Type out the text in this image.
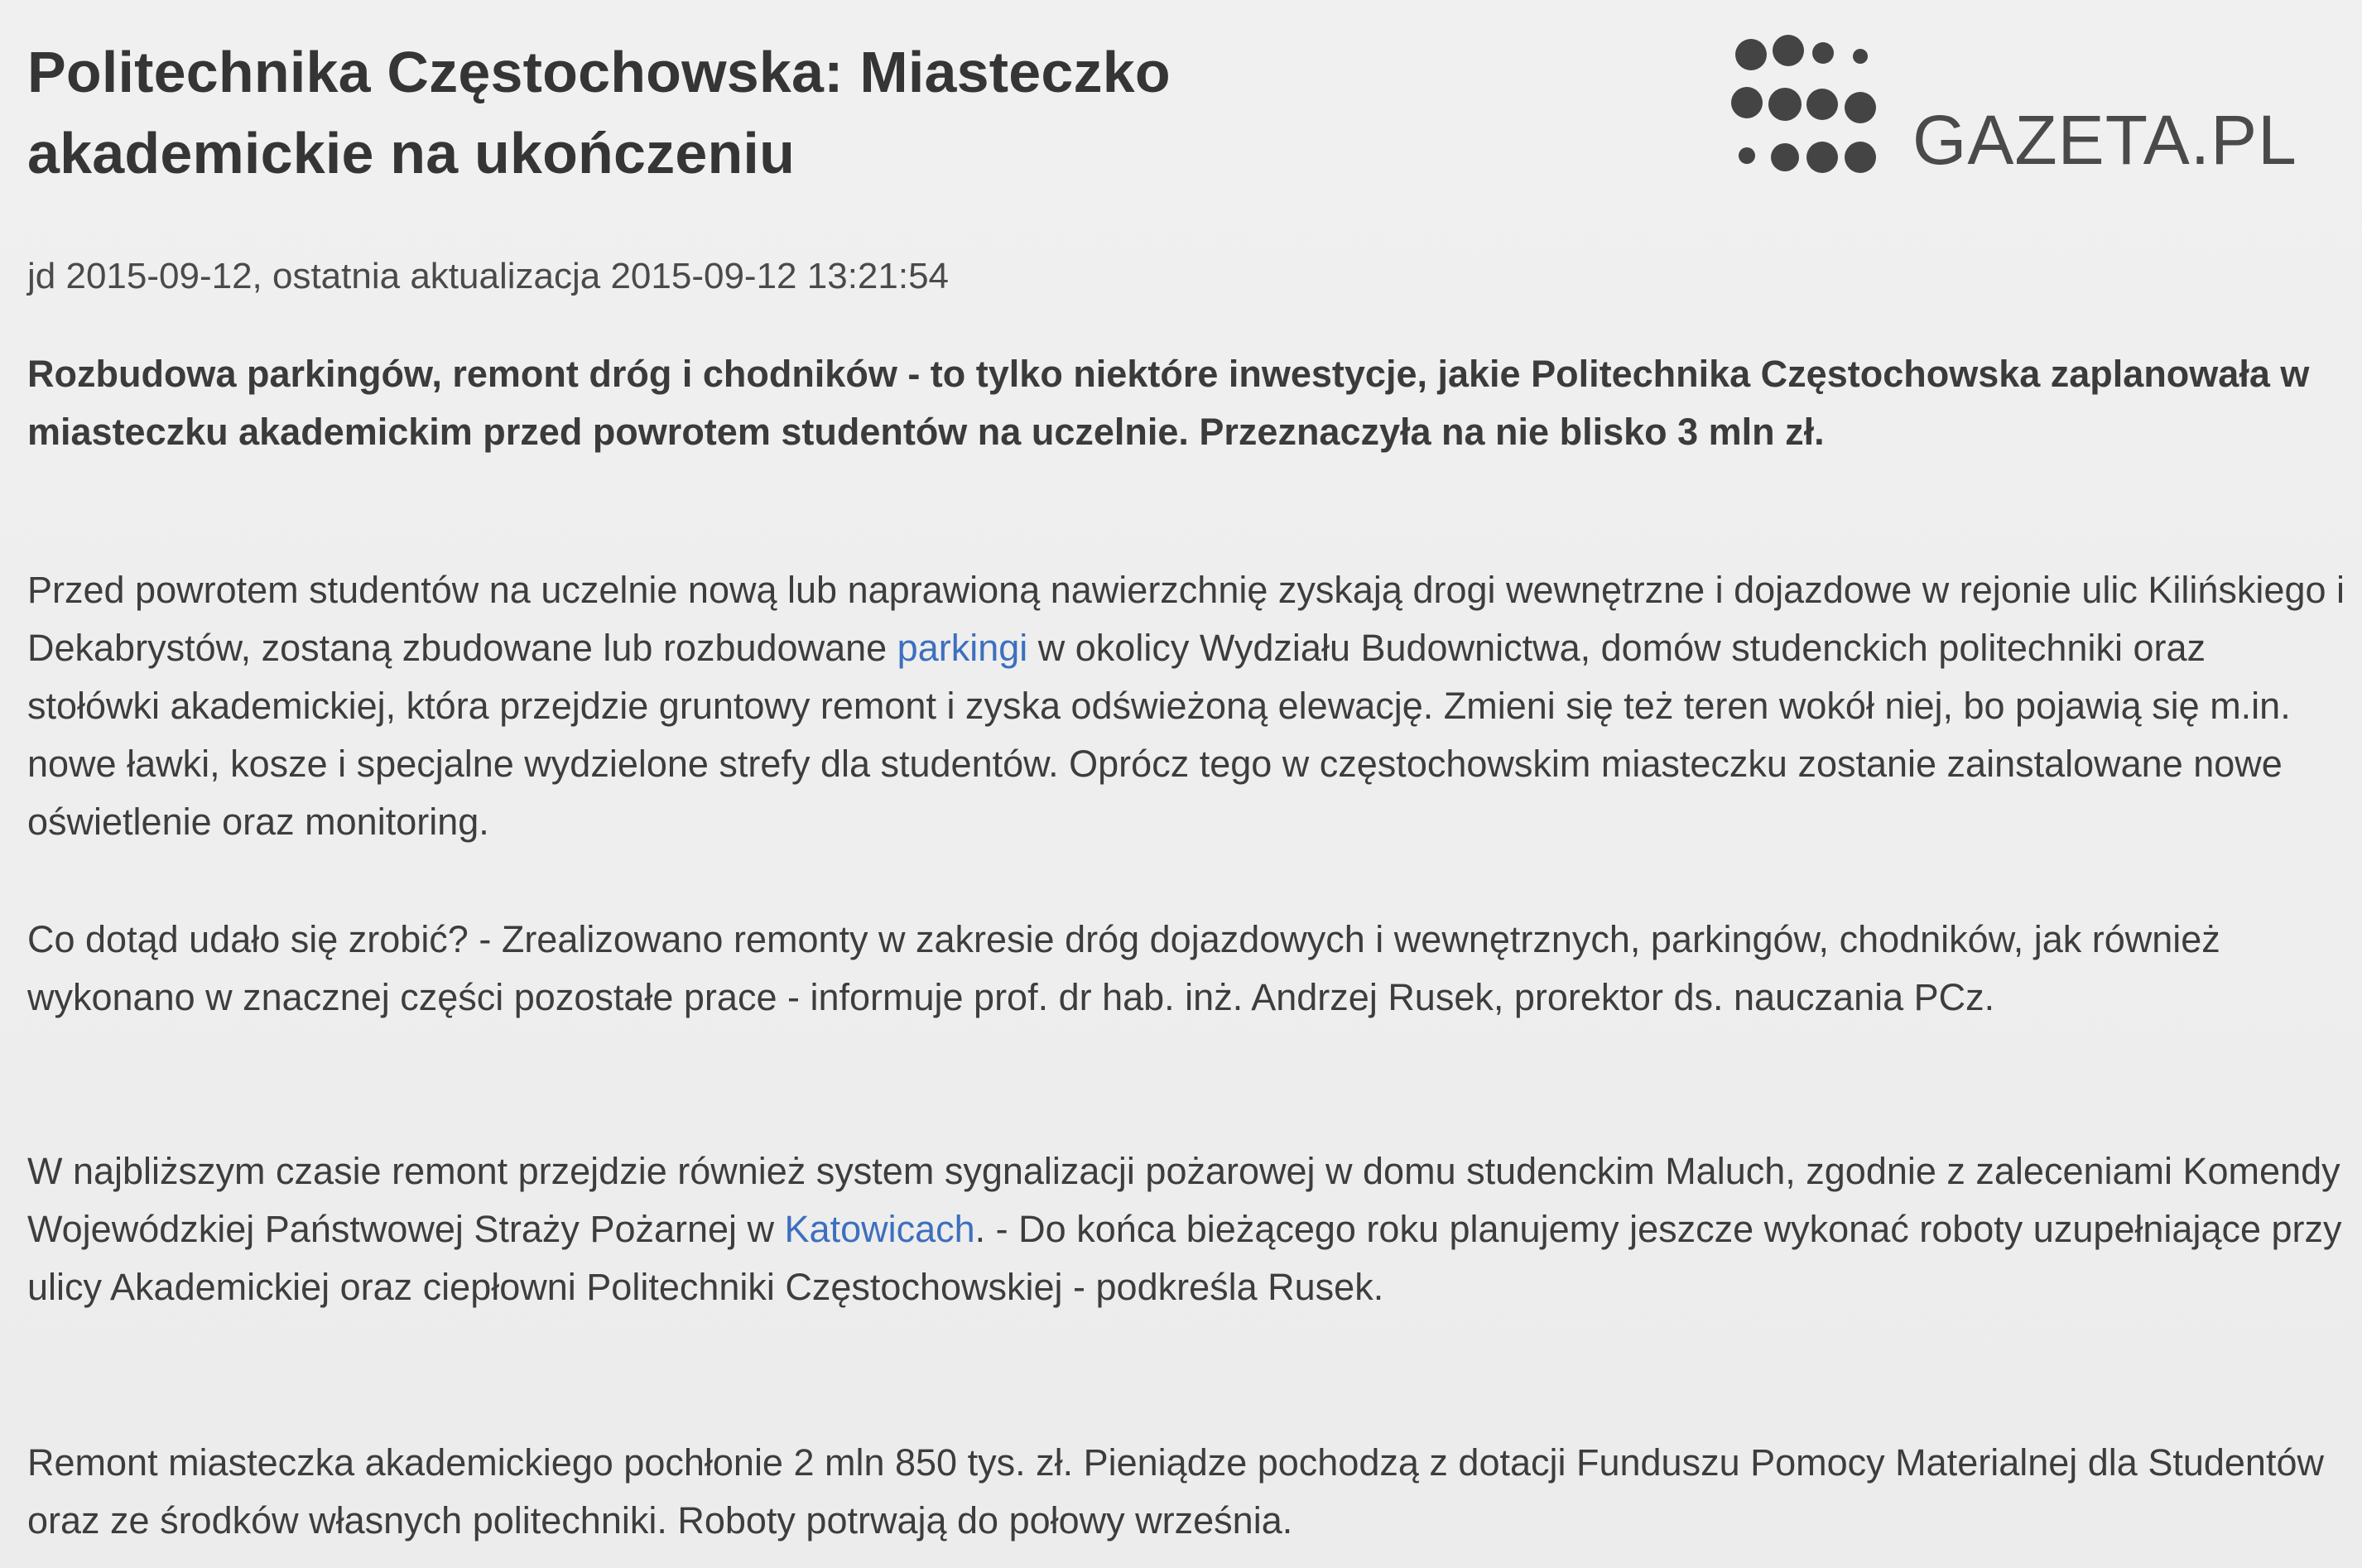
Politechnika Częstochowska: Miasteczko akademickie na ukończeniu	GAZETA.PL

jd 2015-09-12, ostatnia aktualizacja 2015-09-12 13:21:54

Rozbudowa parkingów, remont dróg i chodników - to tylko niektóre inwestycje, jakie Politechnika Częstochowska zaplanowała w miasteczku akademickim przed powrotem studentów na uczelnie. Przeznaczyła na nie blisko 3 mln zł.

Przed powrotem studentów na uczelnie nową lub naprawioną nawierzchnię zyskają drogi wewnętrzne i dojazdowe w rejonie ulic Kilińskiego i Dekabrystów, zostaną zbudowane lub rozbudowane parkingi w okolicy Wydziału Budownictwa, domów studenckich politechniki oraz stołówki akademickiej, która przejdzie gruntowy remont i zyska odświeżoną elewację. Zmieni się też teren wokół niej, bo pojawią się m.in. nowe ławki, kosze i specjalne wydzielone strefy dla studentów. Oprócz tego w częstochowskim miasteczku zostanie zainstalowane nowe oświetlenie oraz monitoring.

Co dotąd udało się zrobić? - Zrealizowano remonty w zakresie dróg dojazdowych i wewnętrznych, parkingów, chodników, jak również wykonano w znacznej części pozostałe prace - informuje prof. dr hab. inż. Andrzej Rusek, prorektor ds. nauczania PCz.

W najbliższym czasie remont przejdzie również system sygnalizacji pożarowej w domu studenckim Maluch, zgodnie z zaleceniami Komendy Wojewódzkiej Państwowej Straży Pożarnej w Katowicach. - Do końca bieżącego roku planujemy jeszcze wykonać roboty uzupełniające przy ulicy Akademickiej oraz ciepłowni Politechniki Częstochowskiej - podkreśla Rusek.

Remont miasteczka akademickiego pochłonie 2 mln 850 tys. zł. Pieniądze pochodzą z dotacji Funduszu Pomocy Materialnej dla Studentów oraz ze środków własnych politechniki. Roboty potrwają do połowy września.
